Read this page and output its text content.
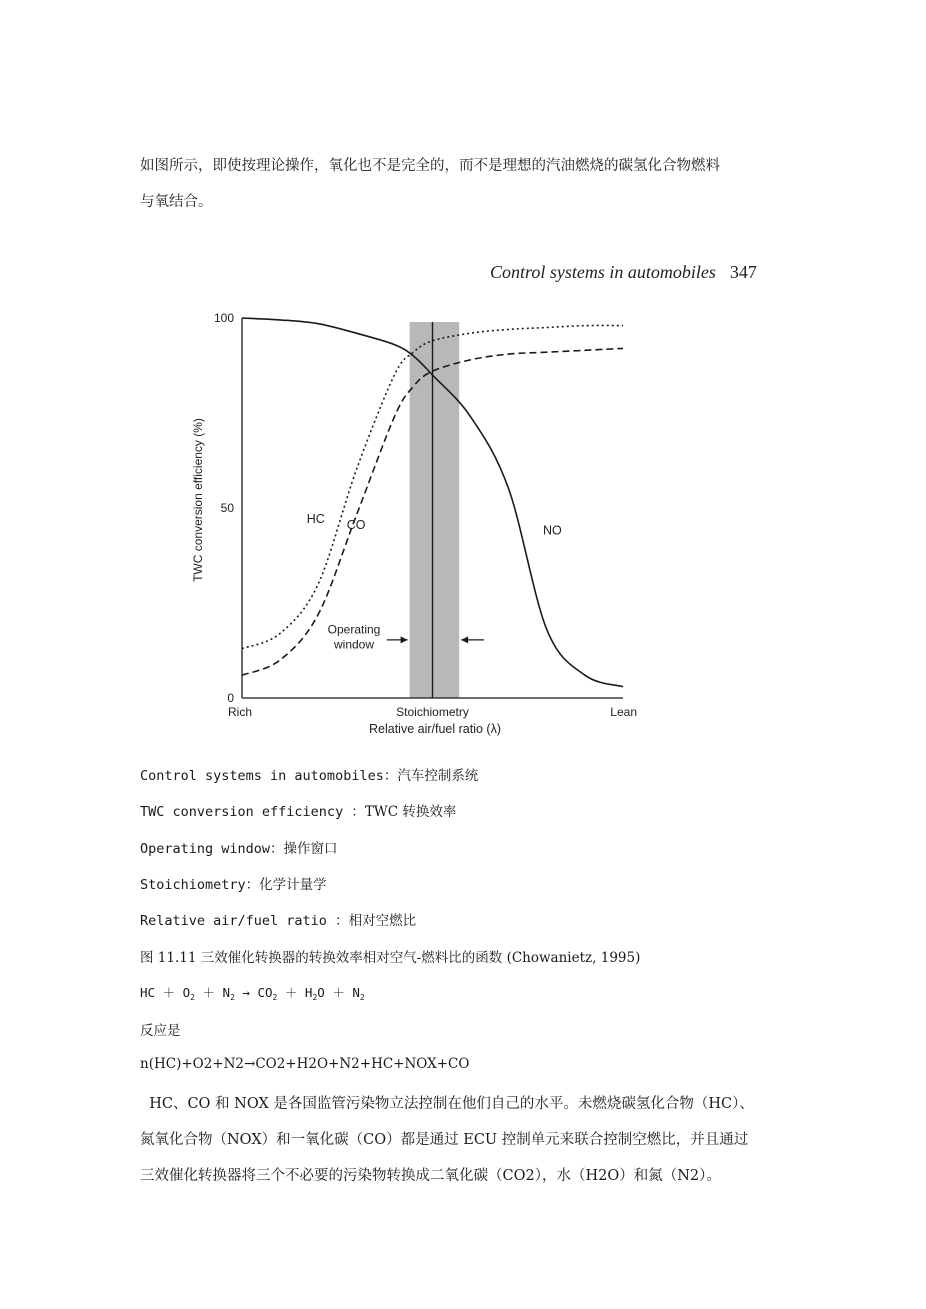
如图所示，即使按理论操作，氧化也不是完全的，而不是理想的汽油燃烧的碳氢化合物燃料
与氧结合。

Control systems in automobiles 347
0
50
100
Rich	Stoichiometry	Lean
HC CO	NO
Operating
window
TWC conversion efficiency (%)
Relative air/fuel ratio (λ)
Control systems in automobiles：汽车控制系统
TWC conversion efficiency ：TWC 转换效率
Operating window：操作窗口
Stoichiometry：化学计量学
Relative air/fuel ratio ：相对空燃比
图 11.11 三效催化转换器的转换效率相对空气-燃料比的函数 (Chowanietz, 1995)
HC ＋ $O_2 + N_2 \to CO_2 + H_2O + N_2$
反应是
n(HC)+O2+N2→CO2+H2O+N2+HC+NOX+CO
HC、CO 和 NOX 是各国监管污染物立法控制在他们自己的水平。未燃烧碳氢化合物（HC）、
氮氧化合物（NOX）和一氧化碳（CO）都是通过 ECU 控制单元来联合控制空燃比，并且通过
三效催化转换器将三个不必要的污染物转换成二氧化碳（CO2），水（H2O）和氮（N2）。
